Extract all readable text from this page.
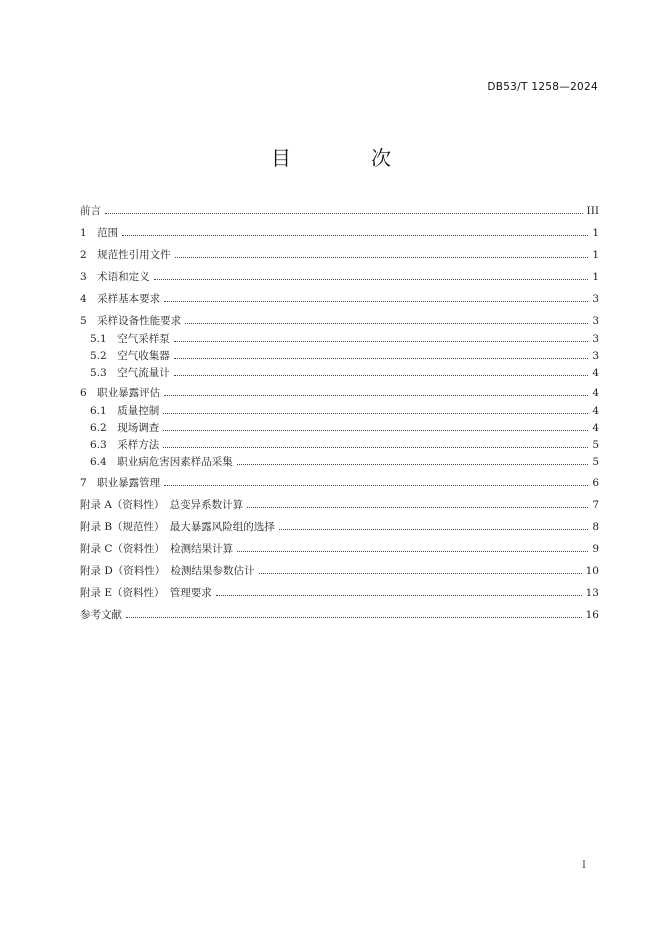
DB53/T 1258—2024
目　次
前言	III
1　范围	1
2　规范性引用文件	1
3　术语和定义	1
4　采样基本要求	3
5　采样设备性能要求	3
5.1　空气采样泵	3
5.2　空气收集器	3
5.3　空气流量计	4
6　职业暴露评估	4
6.1　质量控制	4
6.2　现场调查	4
6.3　采样方法	5
6.4　职业病危害因素样品采集	5
7　职业暴露管理	6
附录 A（资料性）　总变异系数计算	7
附录 B（规范性）　最大暴露风险组的选择	8
附录 C（资料性）　检测结果计算	9
附录 D（资料性）　检测结果参数估计	10
附录 E（资料性）　管理要求	13
参考文献	16
I
